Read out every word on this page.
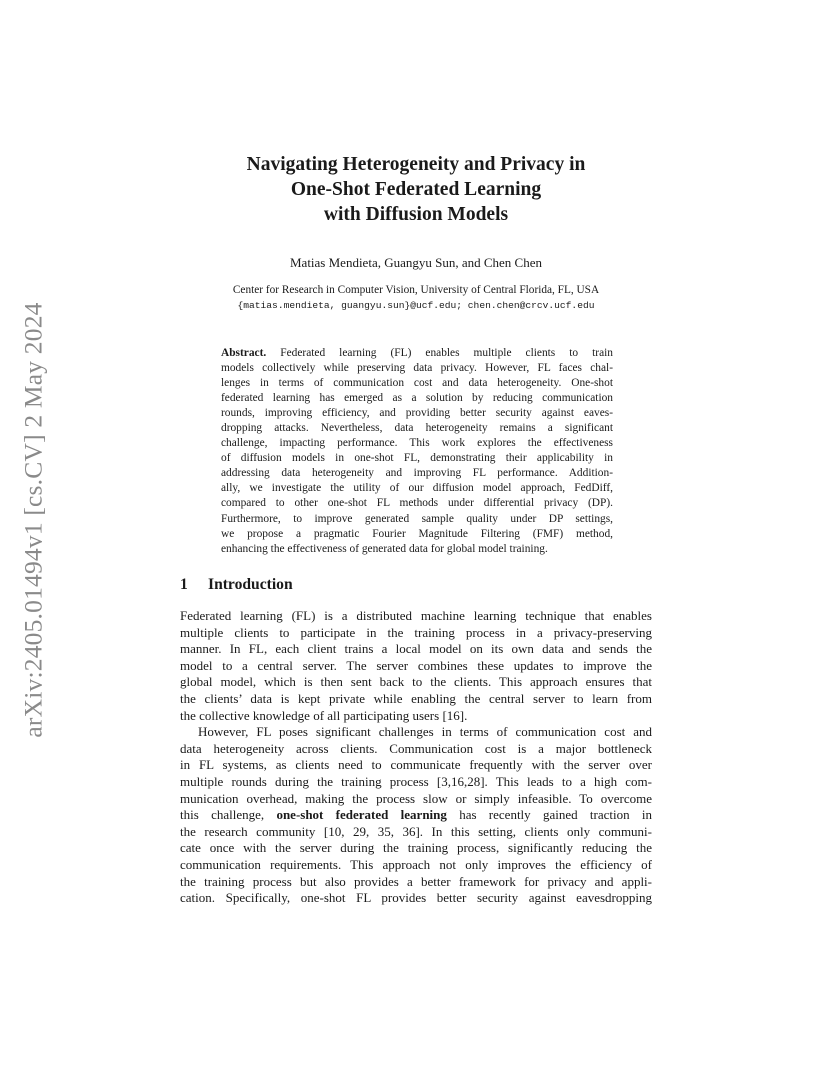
arXiv:2405.01494v1 [cs.CV] 2 May 2024
Navigating Heterogeneity and Privacy in
One-Shot Federated Learning
with Diffusion Models
Matias Mendieta, Guangyu Sun, and Chen Chen
Center for Research in Computer Vision, University of Central Florida, FL, USA
{matias.mendieta, guangyu.sun}@ucf.edu; chen.chen@crcv.ucf.edu
Abstract. Federated learning (FL) enables multiple clients to train
models collectively while preserving data privacy. However, FL faces chal-
lenges in terms of communication cost and data heterogeneity. One-shot
federated learning has emerged as a solution by reducing communication
rounds, improving efficiency, and providing better security against eaves-
dropping attacks. Nevertheless, data heterogeneity remains a significant
challenge, impacting performance. This work explores the effectiveness
of diffusion models in one-shot FL, demonstrating their applicability in
addressing data heterogeneity and improving FL performance. Addition-
ally, we investigate the utility of our diffusion model approach, FedDiff,
compared to other one-shot FL methods under differential privacy (DP).
Furthermore, to improve generated sample quality under DP settings,
we propose a pragmatic Fourier Magnitude Filtering (FMF) method,
enhancing the effectiveness of generated data for global model training.
1 Introduction
Federated learning (FL) is a distributed machine learning technique that enables
multiple clients to participate in the training process in a privacy-preserving
manner. In FL, each client trains a local model on its own data and sends the
model to a central server. The server combines these updates to improve the
global model, which is then sent back to the clients. This approach ensures that
the clients’ data is kept private while enabling the central server to learn from
the collective knowledge of all participating users [16].
However, FL poses significant challenges in terms of communication cost and
data heterogeneity across clients. Communication cost is a major bottleneck
in FL systems, as clients need to communicate frequently with the server over
multiple rounds during the training process [3,16,28]. This leads to a high com-
munication overhead, making the process slow or simply infeasible. To overcome
this challenge, one-shot federated learning has recently gained traction in
the research community [10, 29, 35, 36]. In this setting, clients only communi-
cate once with the server during the training process, significantly reducing the
communication requirements. This approach not only improves the efficiency of
the training process but also provides a better framework for privacy and appli-
cation. Specifically, one-shot FL provides better security against eavesdropping
